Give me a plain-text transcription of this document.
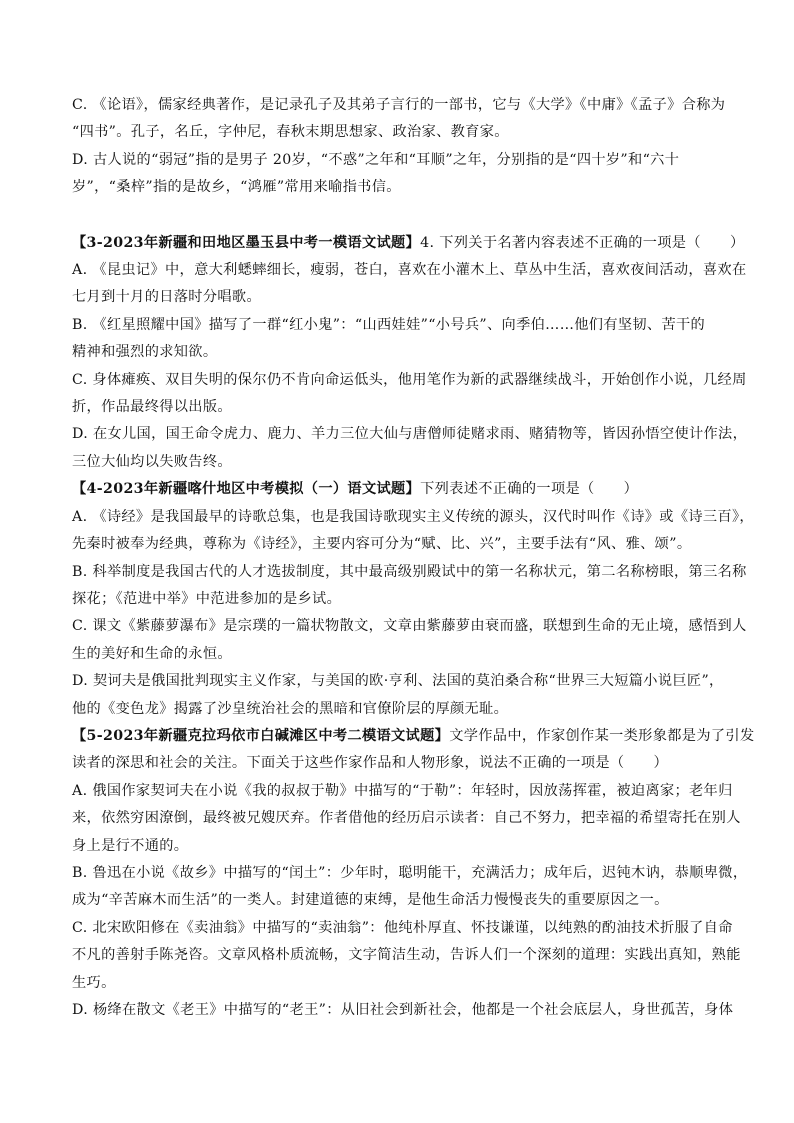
C. 《论语》，儒家经典著作，是记录孔子及其弟子言行的一部书，它与《大学》《中庸》《孟子》合称为
“四书”。孔子，名丘，字仲尼，春秋末期思想家、政治家、教育家。
D. 古人说的“弱冠”指的是男子 20岁，“不惑”之年和“耳顺”之年，分别指的是“四十岁”和“六十
岁”，“桑梓”指的是故乡，“鸿雁”常用来喻指书信。
【3-2023年新疆和田地区墨玉县中考一模语文试题】4. 下列关于名著内容表述不正确的一项是（　　）
A. 《昆虫记》中，意大利蟋蟀细长，瘦弱，苍白，喜欢在小灌木上、草丛中生活，喜欢夜间活动，喜欢在
七月到十月的日落时分唱歌。
B. 《红星照耀中国》描写了一群“红小鬼”：“山西娃娃”“小号兵”、向季伯……他们有坚韧、苦干的
精神和强烈的求知欲。
C. 身体瘫痪、双目失明的保尔仍不肯向命运低头，他用笔作为新的武器继续战斗，开始创作小说，几经周
折，作品最终得以出版。
D. 在女儿国，国王命令虎力、鹿力、羊力三位大仙与唐僧师徒赌求雨、赌猜物等，皆因孙悟空使计作法，
三位大仙均以失败告终。
【4-2023年新疆喀什地区中考模拟（一）语文试题】下列表述不正确的一项是（　　）
A. 《诗经》是我国最早的诗歌总集，也是我国诗歌现实主义传统的源头，汉代时叫作《诗》或《诗三百》，
先秦时被奉为经典，尊称为《诗经》，主要内容可分为“赋、比、兴”，主要手法有“风、雅、颂”。
B. 科举制度是我国古代的人才选拔制度，其中最高级别殿试中的第一名称状元，第二名称榜眼，第三名称
探花；《范进中举》中范进参加的是乡试。
C. 课文《紫藤萝瀑布》是宗璞的一篇状物散文，文章由紫藤萝由衰而盛，联想到生命的无止境，感悟到人
生的美好和生命的永恒。
D. 契诃夫是俄国批判现实主义作家，与美国的欧·亨利、法国的莫泊桑合称“世界三大短篇小说巨匠”，
他的《变色龙》揭露了沙皇统治社会的黑暗和官僚阶层的厚颜无耻。
【5-2023年新疆克拉玛依市白碱滩区中考二模语文试题】文学作品中，作家创作某一类形象都是为了引发
读者的深思和社会的关注。下面关于这些作家作品和人物形象，说法不正确的一项是（　　）
A. 俄国作家契诃夫在小说《我的叔叔于勒》中描写的“于勒”：年轻时，因放荡挥霍，被迫离家；老年归
来，依然穷困潦倒，最终被兄嫂厌弃。作者借他的经历启示读者：自己不努力，把幸福的希望寄托在别人
身上是行不通的。
B. 鲁迅在小说《故乡》中描写的“闰土”：少年时，聪明能干，充满活力；成年后，迟钝木讷，恭顺卑微，
成为“辛苦麻木而生活”的一类人。封建道德的束缚，是他生命活力慢慢丧失的重要原因之一。
C. 北宋欧阳修在《卖油翁》中描写的“卖油翁”：他纯朴厚直、怀技谦谨，以纯熟的酌油技术折服了自命
不凡的善射手陈尧咨。文章风格朴质流畅，文字简洁生动，告诉人们一个深刻的道理：实践出真知，熟能
生巧。
D. 杨绛在散文《老王》中描写的“老王”：从旧社会到新社会，他都是一个社会底层人，身世孤苦，身体
